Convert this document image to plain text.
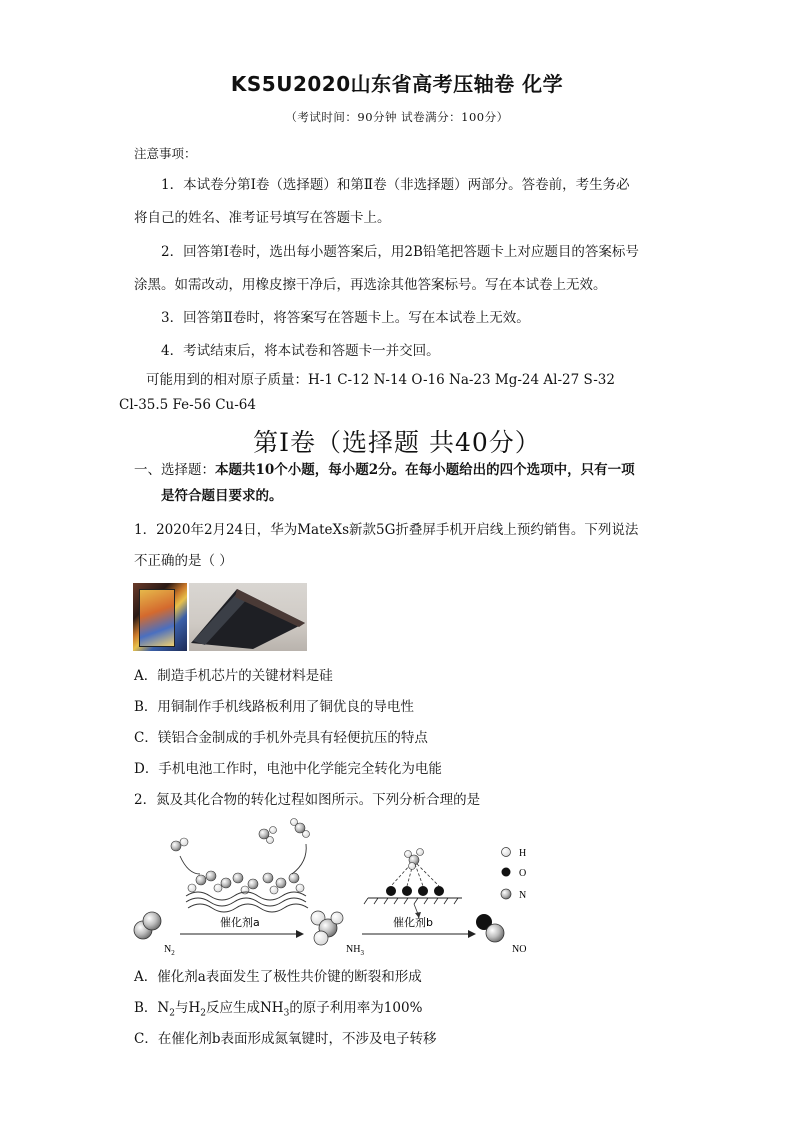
KS5U2020山东省高考压轴卷 化学
（考试时间：90分钟 试卷满分：100分）
注意事项：
1．本试卷分第Ⅰ卷（选择题）和第Ⅱ卷（非选择题）两部分。答卷前，考生务必
将自己的姓名、准考证号填写在答题卡上。
2．回答第Ⅰ卷时，选出每小题答案后，用2B铅笔把答题卡上对应题目的答案标号
涂黑。如需改动，用橡皮擦干净后，再选涂其他答案标号。写在本试卷上无效。
3．回答第Ⅱ卷时，将答案写在答题卡上。写在本试卷上无效。
4．考试结束后，将本试卷和答题卡一并交回。
可能用到的相对原子质量：H-1 C-12 N-14 O-16 Na-23 Mg-24 Al-27 S-32
Cl-35.5 Fe-56 Cu-64
第Ⅰ卷（选择题 共40分）
一、选择题：本题共10个小题，每小题2分。在每小题给出的四个选项中，只有一项
是符合题目要求的。
1．2020年2月24日，华为MateXs新款5G折叠屏手机开启线上预约销售。下列说法
不正确的是（ ）
A．制造手机芯片的关键材料是硅
B．用铜制作手机线路板利用了铜优良的导电性
C．镁铝合金制成的手机外壳具有轻便抗压的特点
D．手机电池工作时，电池中化学能完全转化为电能
2．氮及其化合物的转化过程如图所示。下列分析合理的是
$N_2$
催化剂a
$NH_3$
催化剂b
NO
H
O
N
A．催化剂a表面发生了极性共价键的断裂和形成
B．$N_2$与$H_2$反应生成$NH_3$的原子利用率为100%
C．在催化剂b表面形成氮氧键时，不涉及电子转移
